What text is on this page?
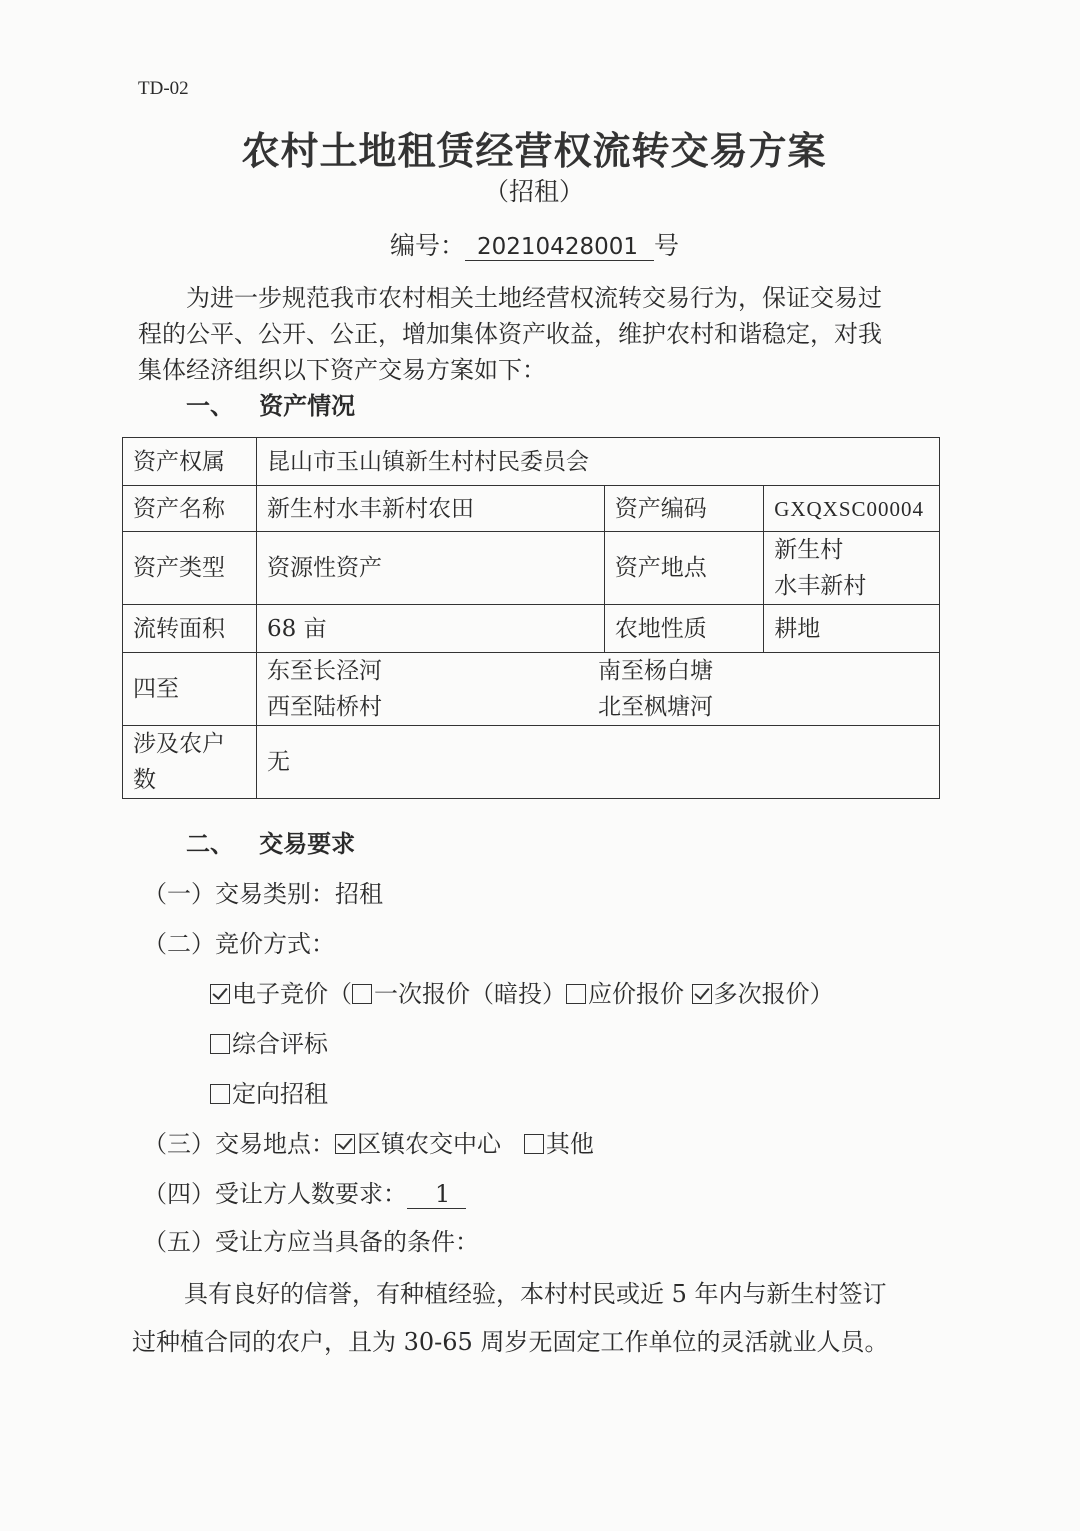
TD-02
农村土地租赁经营权流转交易方案
（招租）
编号： 20210428001 号

为进一步规范我市农村相关土地经营权流转交易行为，保证交易过

程的公平、公开、公正，增加集体资产收益，维护农村和谐稳定，对我

集体经济组织以下资产交易方案如下：

一、   资产情况
资产权属	昆山市玉山镇新生村村民委员会		
资产名称	新生村水丰新村农田	资产编码	GXQXSC00004
资产类型	资源性资产	资产地点	新生村
水丰新村

流转面积	68 亩	农地性质	耕地
四至	东至长泾河 南至杨白塘
西至陆桥村 北至枫塘河		

涉及农户数	无		
二、   交易要求
（一）交易类别：招租
（二）竞价方式：
电子竞价（ 一次报价（暗投） 应价报价 多次报价）
综合评标
定向招租
（三）交易地点： 区镇农交中心 其他
（四）受让方人数要求： 1
（五）受让方应当具备的条件：

具有良好的信誉，有种植经验，本村村民或近 5 年内与新生村签订

过种植合同的农户，且为 30-65 周岁无固定工作单位的灵活就业人员。
